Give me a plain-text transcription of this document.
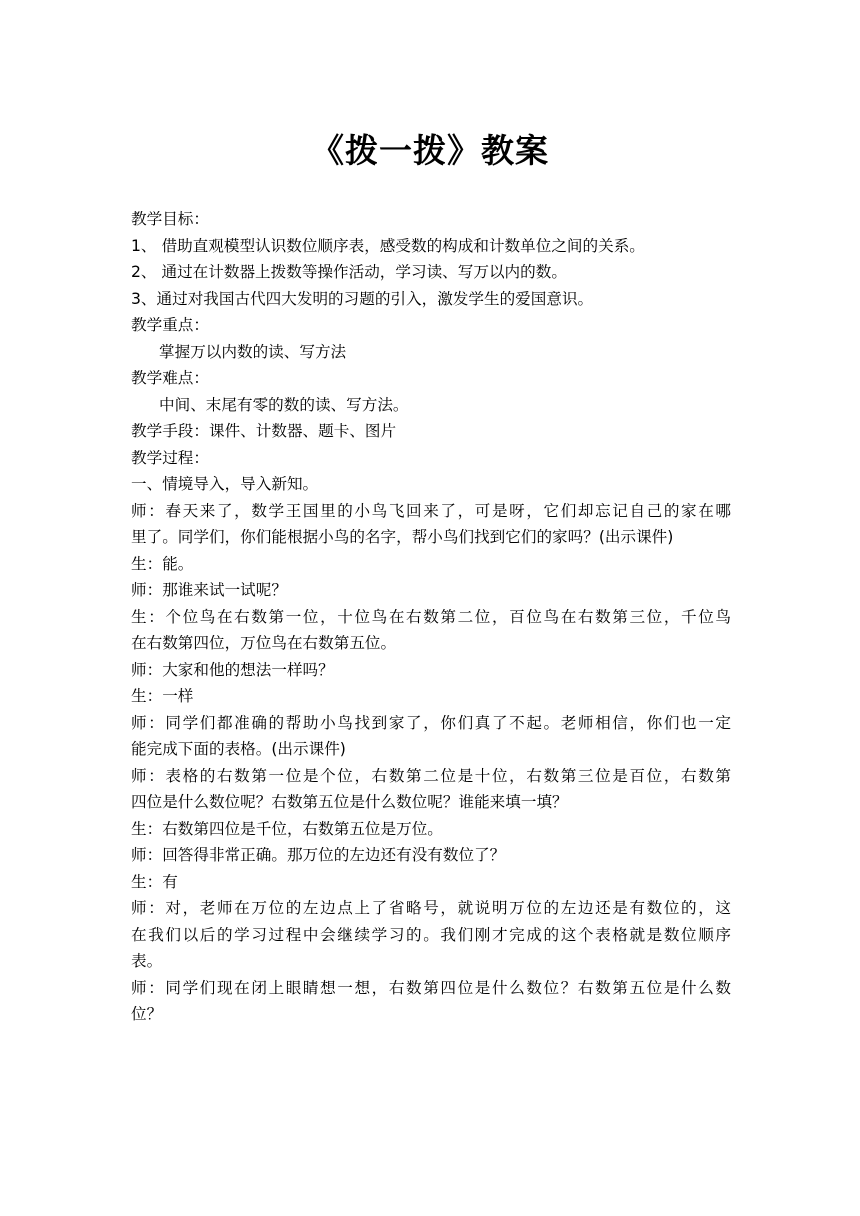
《拨一拨》教案
教学目标：
1、 借助直观模型认识数位顺序表，感受数的构成和计数单位之间的关系。
2、 通过在计数器上拨数等操作活动，学习读、写万以内的数。
3、通过对我国古代四大发明的习题的引入，激发学生的爱国意识。
教学重点：
掌握万以内数的读、写方法
教学难点：
中间、末尾有零的数的读、写方法。
教学手段：课件、计数器、题卡、图片
教学过程：
一、情境导入，导入新知。
师：春天来了，数学王国里的小鸟飞回来了，可是呀，它们却忘记自己的家在哪
里了。同学们，你们能根据小鸟的名字，帮小鸟们找到它们的家吗？(出示课件)
生：能。
师：那谁来试一试呢？
生：个位鸟在右数第一位，十位鸟在右数第二位，百位鸟在右数第三位，千位鸟
在右数第四位，万位鸟在右数第五位。
师：大家和他的想法一样吗？
生：一样
师：同学们都准确的帮助小鸟找到家了，你们真了不起。老师相信，你们也一定
能完成下面的表格。(出示课件)
师：表格的右数第一位是个位，右数第二位是十位，右数第三位是百位，右数第
四位是什么数位呢？右数第五位是什么数位呢？谁能来填一填？
生：右数第四位是千位，右数第五位是万位。
师：回答得非常正确。那万位的左边还有没有数位了？
生：有
师：对，老师在万位的左边点上了省略号，就说明万位的左边还是有数位的，这
在我们以后的学习过程中会继续学习的。我们刚才完成的这个表格就是数位顺序
表。
师：同学们现在闭上眼睛想一想，右数第四位是什么数位？右数第五位是什么数
位？
